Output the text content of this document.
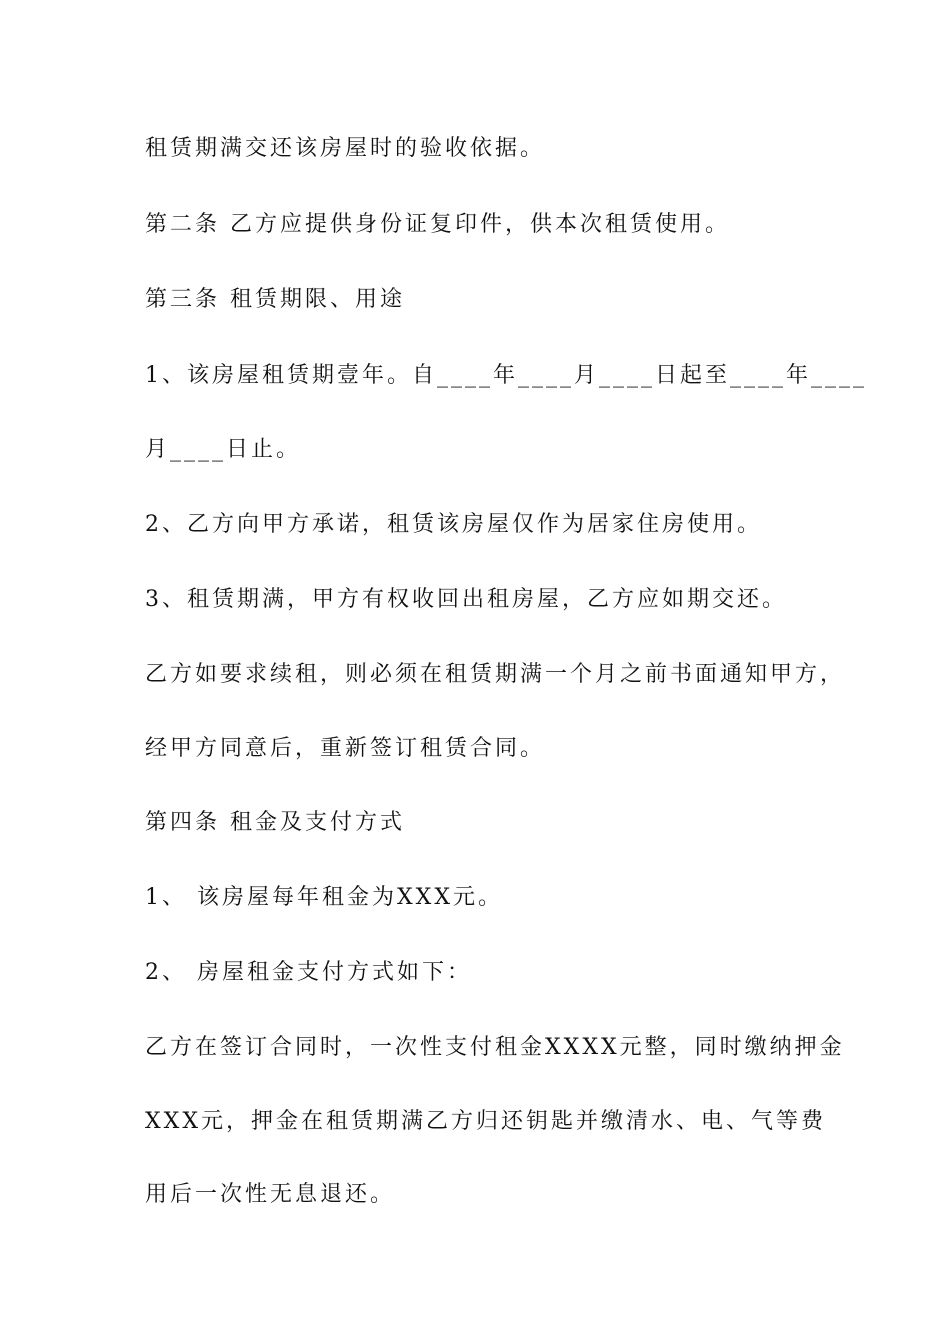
租赁期满交还该房屋时的验收依据。
第二条 乙方应提供身份证复印件，供本次租赁使用。
第三条 租赁期限、用途
1、该房屋租赁期壹年。自____年____月____日起至____年____
月____日止。
2、乙方向甲方承诺，租赁该房屋仅作为居家住房使用。
3、租赁期满，甲方有权收回出租房屋，乙方应如期交还。
乙方如要求续租，则必须在租赁期满一个月之前书面通知甲方，
经甲方同意后，重新签订租赁合同。
第四条 租金及支付方式
1、 该房屋每年租金为XXX元。
2、 房屋租金支付方式如下：
乙方在签订合同时，一次性支付租金XXXX元整，同时缴纳押金
XXX元，押金在租赁期满乙方归还钥匙并缴清水、电、气等费
用后一次性无息退还。
